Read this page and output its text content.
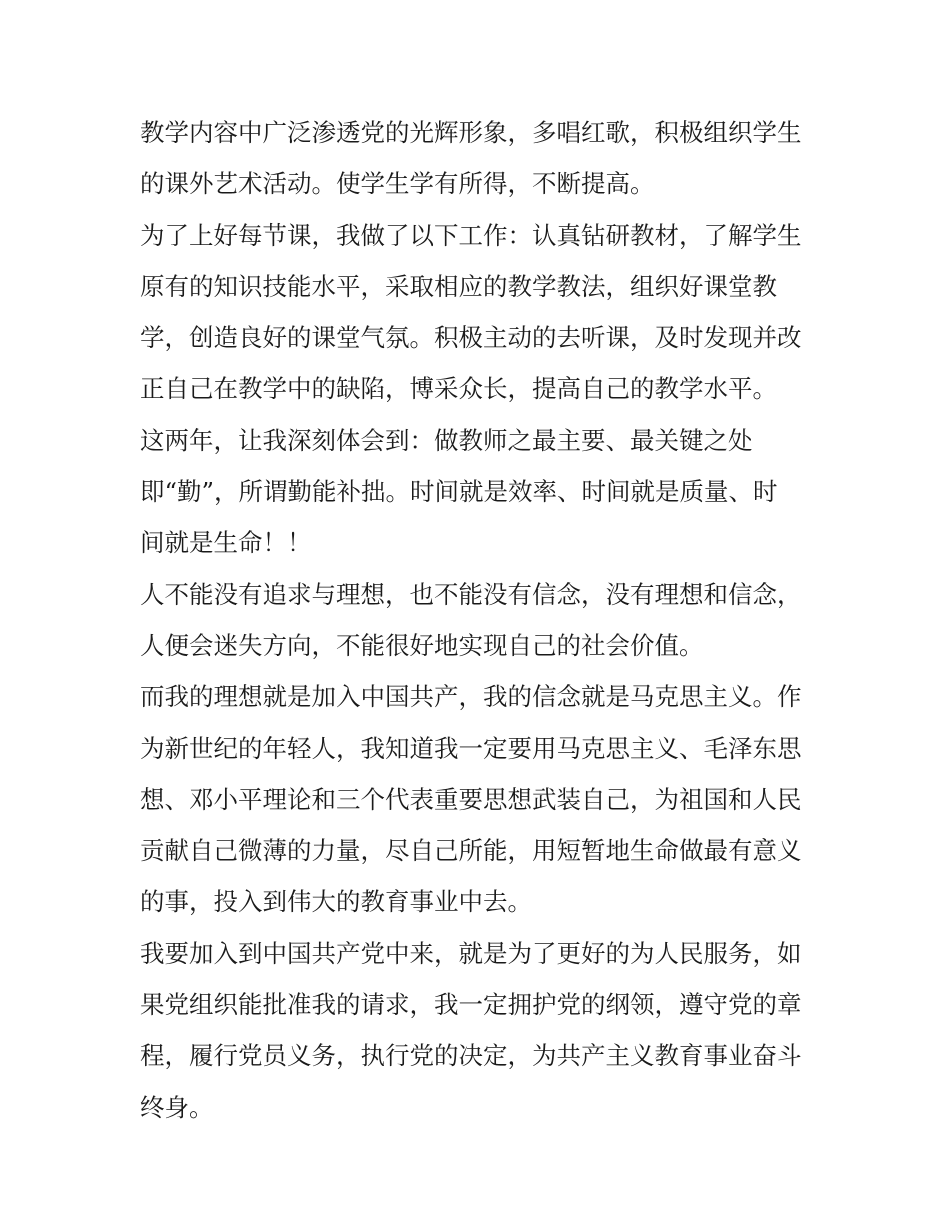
教学内容中广泛渗透党的光辉形象，多唱红歌，积极组织学生
的课外艺术活动。使学生学有所得，不断提高。
为了上好每节课，我做了以下工作：认真钻研教材，了解学生
原有的知识技能水平，采取相应的教学教法，组织好课堂教
学，创造良好的课堂气氛。积极主动的去听课，及时发现并改
正自己在教学中的缺陷，博采众长，提高自己的教学水平。
这两年，让我深刻体会到：做教师之最主要、最关键之处
即“勤”，所谓勤能补拙。时间就是效率、时间就是质量、时
间就是生命！！
人不能没有追求与理想，也不能没有信念，没有理想和信念，
人便会迷失方向，不能很好地实现自己的社会价值。
而我的理想就是加入中国共产，我的信念就是马克思主义。作
为新世纪的年轻人，我知道我一定要用马克思主义、毛泽东思
想、邓小平理论和三个代表重要思想武装自己，为祖国和人民
贡献自己微薄的力量，尽自己所能，用短暂地生命做最有意义
的事，投入到伟大的教育事业中去。
我要加入到中国共产党中来，就是为了更好的为人民服务，如
果党组织能批准我的请求，我一定拥护党的纲领，遵守党的章
程，履行党员义务，执行党的决定，为共产主义教育事业奋斗
终身。
